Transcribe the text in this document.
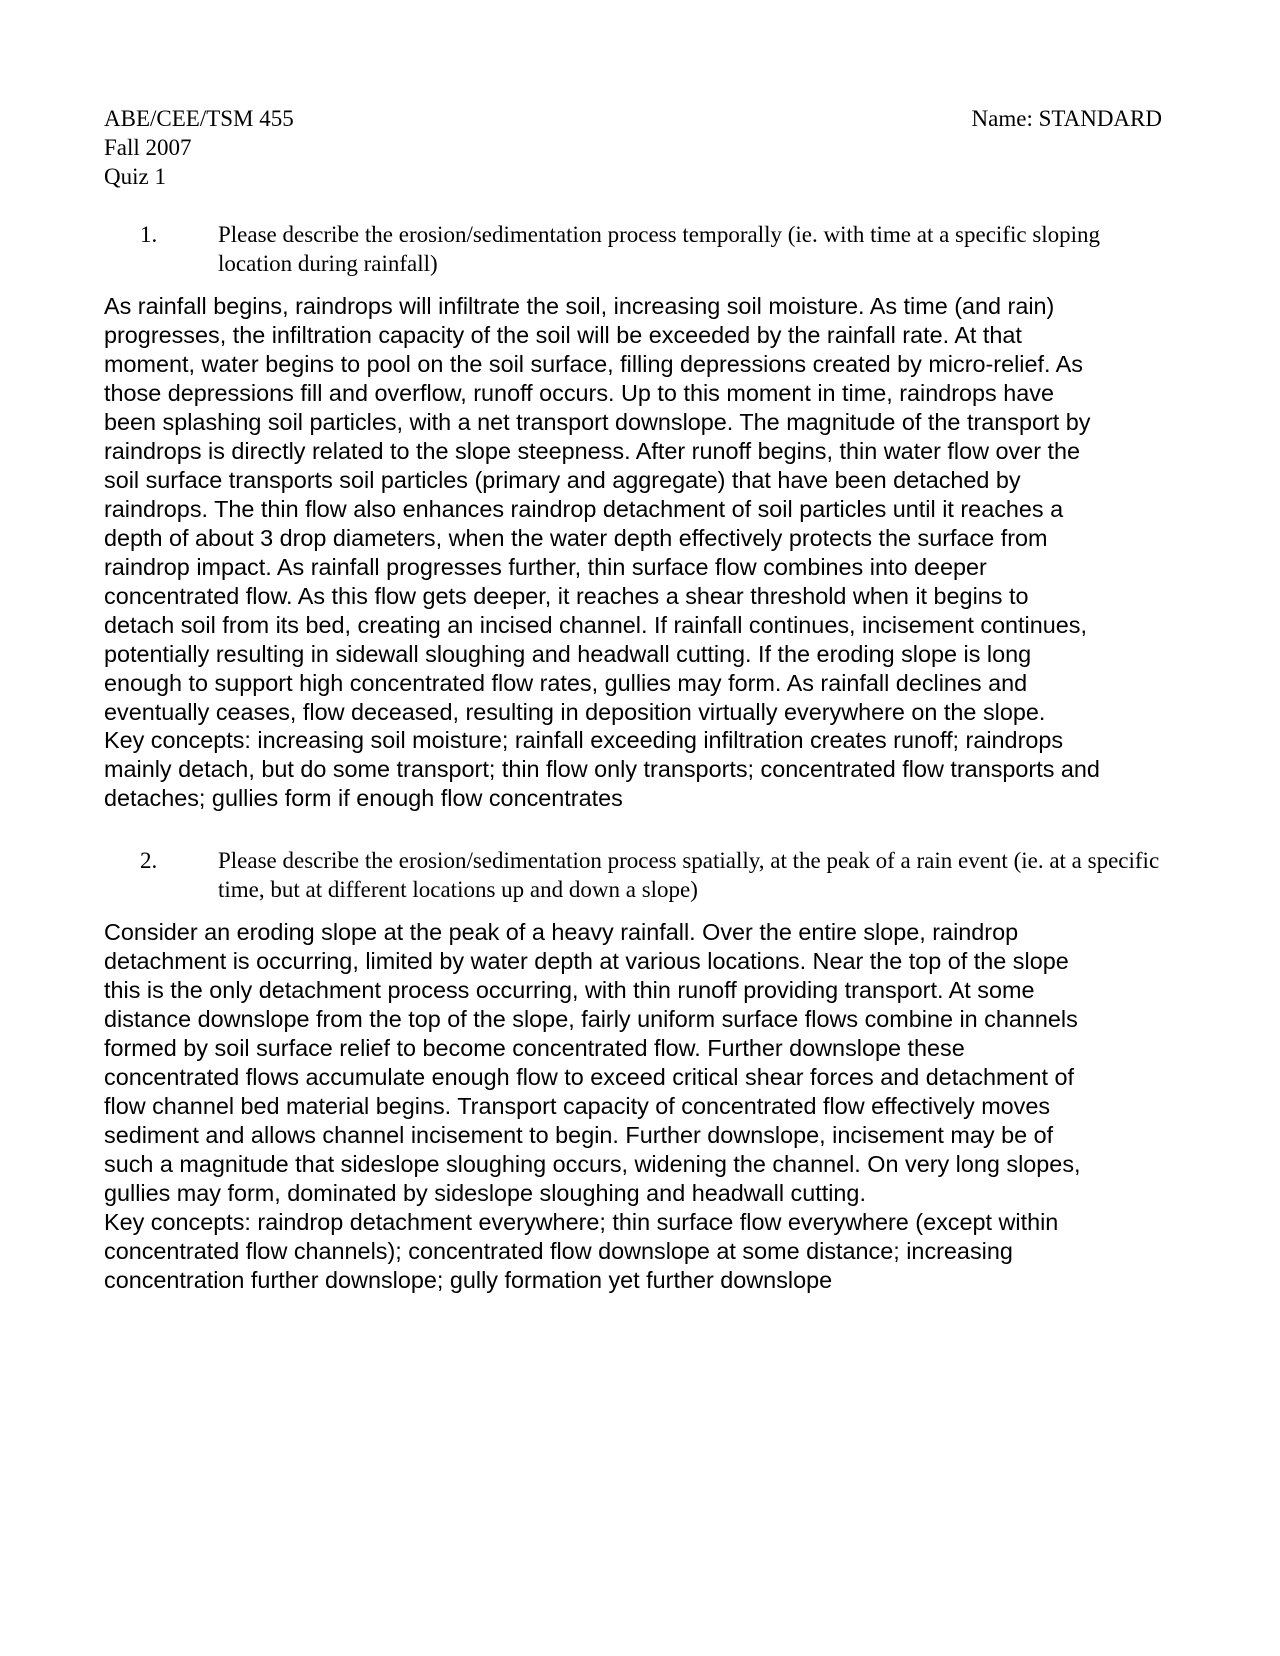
ABE/CEE/TSM 455
Fall 2007
Quiz 1
Name: STANDARD
1.	Please describe the erosion/sedimentation process temporally (ie. with time at a specific sloping location during rainfall)
As rainfall begins, raindrops will infiltrate the soil, increasing soil moisture. As time (and rain)
progresses, the infiltration capacity of the soil will be exceeded by the rainfall rate. At that
moment, water begins to pool on the soil surface, filling depressions created by micro-relief. As
those depressions fill and overflow, runoff occurs. Up to this moment in time, raindrops have
been splashing soil particles, with a net transport downslope. The magnitude of the transport by
raindrops is directly related to the slope steepness. After runoff begins, thin water flow over the
soil surface transports soil particles (primary and aggregate) that have been detached by
raindrops. The thin flow also enhances raindrop detachment of soil particles until it reaches a
depth of about 3 drop diameters, when the water depth effectively protects the surface from
raindrop impact. As rainfall progresses further, thin surface flow combines into deeper
concentrated flow. As this flow gets deeper, it reaches a shear threshold when it begins to
detach soil from its bed, creating an incised channel. If rainfall continues, incisement continues,
potentially resulting in sidewall sloughing and headwall cutting. If the eroding slope is long
enough to support high concentrated flow rates, gullies may form. As rainfall declines and
eventually ceases, flow deceased, resulting in deposition virtually everywhere on the slope.
Key concepts: increasing soil moisture; rainfall exceeding infiltration creates runoff; raindrops
mainly detach, but do some transport; thin flow only transports; concentrated flow transports and
detaches; gullies form if enough flow concentrates
2.	Please describe the erosion/sedimentation process spatially, at the peak of a rain event (ie. at a specific time, but at different locations up and down a slope)
Consider an eroding slope at the peak of a heavy rainfall. Over the entire slope, raindrop
detachment is occurring, limited by water depth at various locations. Near the top of the slope
this is the only detachment process occurring, with thin runoff providing transport. At some
distance downslope from the top of the slope, fairly uniform surface flows combine in channels
formed by soil surface relief to become concentrated flow. Further downslope these
concentrated flows accumulate enough flow to exceed critical shear forces and detachment of
flow channel bed material begins. Transport capacity of concentrated flow effectively moves
sediment and allows channel incisement to begin. Further downslope, incisement may be of
such a magnitude that sideslope sloughing occurs, widening the channel. On very long slopes,
gullies may form, dominated by sideslope sloughing and headwall cutting.
Key concepts: raindrop detachment everywhere; thin surface flow everywhere (except within
concentrated flow channels); concentrated flow downslope at some distance; increasing
concentration further downslope; gully formation yet further downslope
